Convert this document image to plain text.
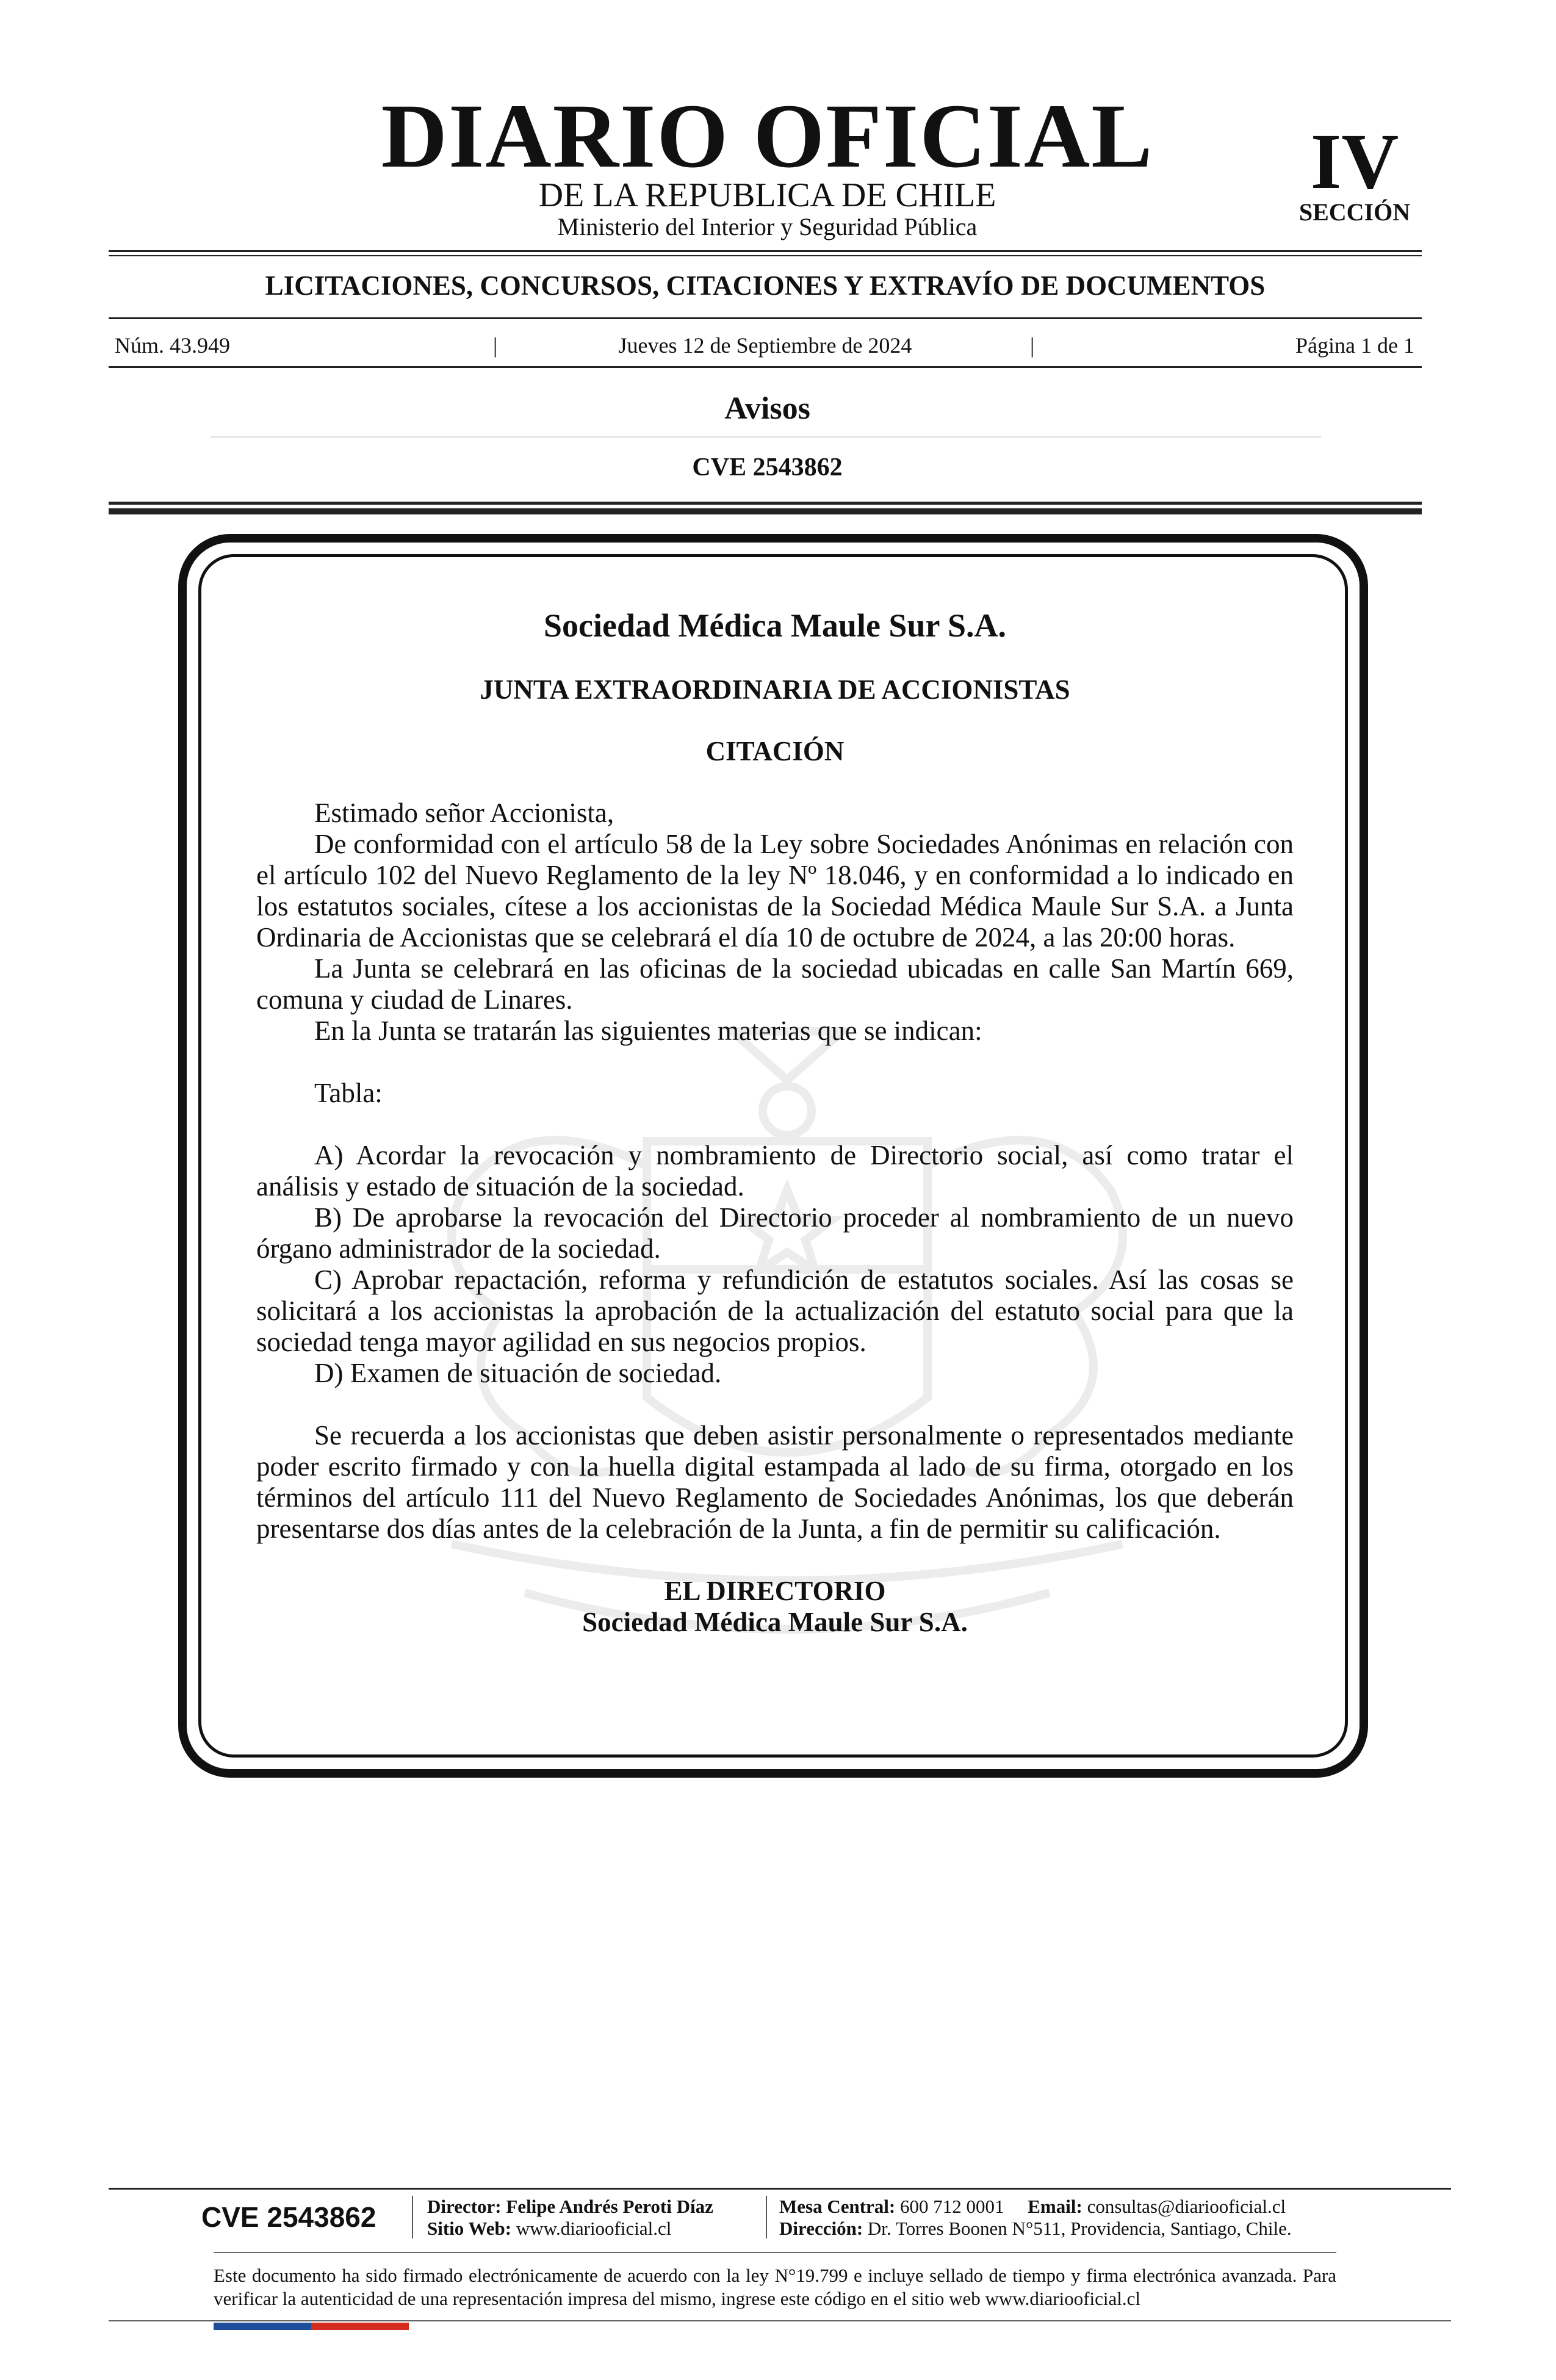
DIARIO OFICIAL
DE LA REPUBLICA DE CHILE
Ministerio del Interior y Seguridad Pública
IV
SECCIÓN
LICITACIONES, CONCURSOS, CITACIONES Y EXTRAVÍO DE DOCUMENTOS
Núm. 43.949	|	Jueves 12 de Septiembre de 2024	|	Página 1 de 1
Avisos
CVE 2543862
Sociedad Médica Maule Sur S.A.
JUNTA EXTRAORDINARIA DE ACCIONISTAS
CITACIÓN

Estimado señor Accionista,

De conformidad con el artículo 58 de la Ley sobre Sociedades Anónimas en relación con el artículo 102 del Nuevo Reglamento de la ley Nº 18.046, y en conformidad a lo indicado en los estatutos sociales, cítese a los accionistas de la Sociedad Médica Maule Sur S.A. a Junta Ordinaria de Accionistas que se celebrará el día 10 de octubre de 2024, a las 20:00 horas.

La Junta se celebrará en las oficinas de la sociedad ubicadas en calle San Martín 669, comuna y ciudad de Linares.

En la Junta se tratarán las siguientes materias que se indican:

Tabla:

A) Acordar la revocación y nombramiento de Directorio social, así como tratar el análisis y estado de situación de la sociedad.

B) De aprobarse la revocación del Directorio proceder al nombramiento de un nuevo órgano administrador de la sociedad.

C) Aprobar repactación, reforma y refundición de estatutos sociales. Así las cosas se solicitará a los accionistas la aprobación de la actualización del estatuto social para que la sociedad tenga mayor agilidad en sus negocios propios.

D) Examen de situación de sociedad.

Se recuerda a los accionistas que deben asistir personalmente o representados mediante poder escrito firmado y con la huella digital estampada al lado de su firma, otorgado en los términos del artículo 111 del Nuevo Reglamento de Sociedades Anónimas, los que deberán presentarse dos días antes de la celebración de la Junta, a fin de permitir su calificación.

EL DIRECTORIO
Sociedad Médica Maule Sur S.A.
CVE 2543862	Director: Felipe Andrés Peroti Díaz
Sitio Web: www.diariooficial.cl
Mesa Central: 600 712 0001 Email: consultas@diariooficial.cl
Dirección: Dr. Torres Boonen N°511, Providencia, Santiago, Chile.
Este documento ha sido firmado electrónicamente de acuerdo con la ley N°19.799 e incluye sellado de tiempo y firma electrónica avanzada. Para verificar la autenticidad de una representación impresa del mismo, ingrese este código en el sitio web www.diariooficial.cl
